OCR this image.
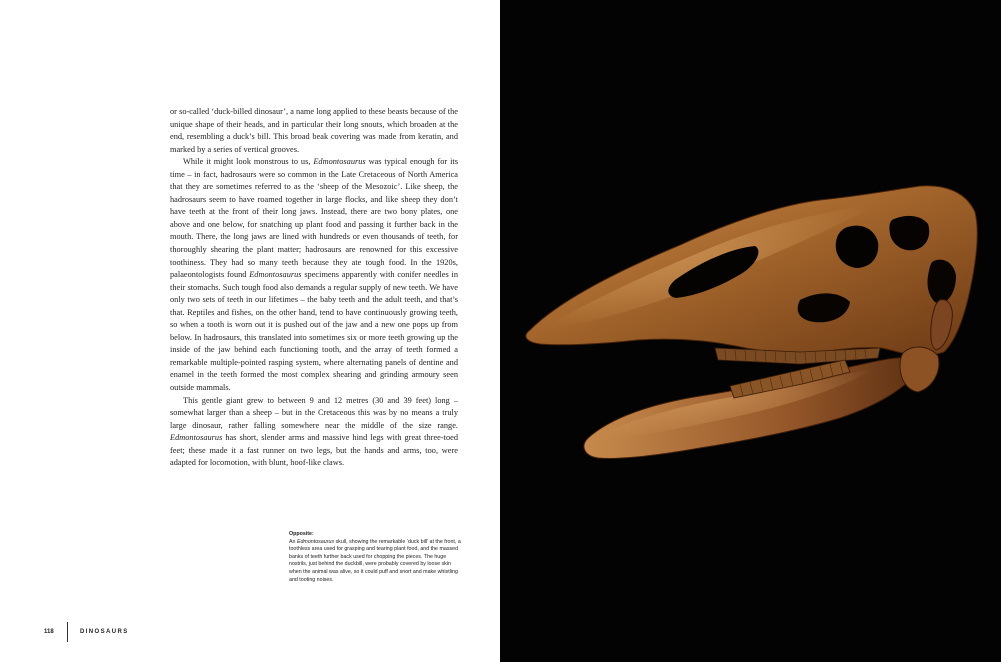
or so-called ‘duck-billed dinosaur’, a name long applied to these beasts because of the unique shape of their heads, and in particular their long snouts, which broaden at the end, resembling a duck’s bill. This broad beak covering was made from keratin, and marked by a series of vertical grooves.

While it might look monstrous to us, Edmontosaurus was typical enough for its time – in fact, hadrosaurs were so common in the Late Cretaceous of North America that they are sometimes referred to as the ‘sheep of the Mesozoic’. Like sheep, the hadrosaurs seem to have roamed together in large flocks, and like sheep they don’t have teeth at the front of their long jaws. Instead, there are two bony plates, one above and one below, for snatching up plant food and passing it further back in the mouth. There, the long jaws are lined with hundreds or even thousands of teeth, for thoroughly shearing the plant matter; hadrosaurs are renowned for this excessive toothiness. They had so many teeth because they ate tough food. In the 1920s, palaeontologists found Edmontosaurus specimens apparently with conifer needles in their stomachs. Such tough food also demands a regular supply of new teeth. We have only two sets of teeth in our lifetimes – the baby teeth and the adult teeth, and that’s that. Reptiles and fishes, on the other hand, tend to have continuously growing teeth, so when a tooth is worn out it is pushed out of the jaw and a new one pops up from below. In hadrosaurs, this translated into sometimes six or more teeth growing up the inside of the jaw behind each functioning tooth, and the array of teeth formed a remarkable multiple-pointed rasping system, where alternating panels of dentine and enamel in the teeth formed the most complex shearing and grinding armoury seen outside mammals.

This gentle giant grew to between 9 and 12 metres (30 and 39 feet) long – somewhat larger than a sheep – but in the Cretaceous this was by no means a truly large dinosaur, rather falling somewhere near the middle of the size range. Edmontosaurus has short, slender arms and massive hind legs with great three-toed feet; these made it a fast runner on two legs, but the hands and arms, too, were adapted for locomotion, with blunt, hoof-like claws.

Opposite:
An Edmontosaurus skull, showing the remarkable ‘duck bill’ at the front, a toothless area used for grasping and tearing plant food, and the massed banks of teeth further back used for chopping the pieces. The huge nostrils, just behind the duckbill, were probably covered by loose skin when the animal was alive, so it could puff and snort and make whistling and tooting noises.
118	DINOSAURS
